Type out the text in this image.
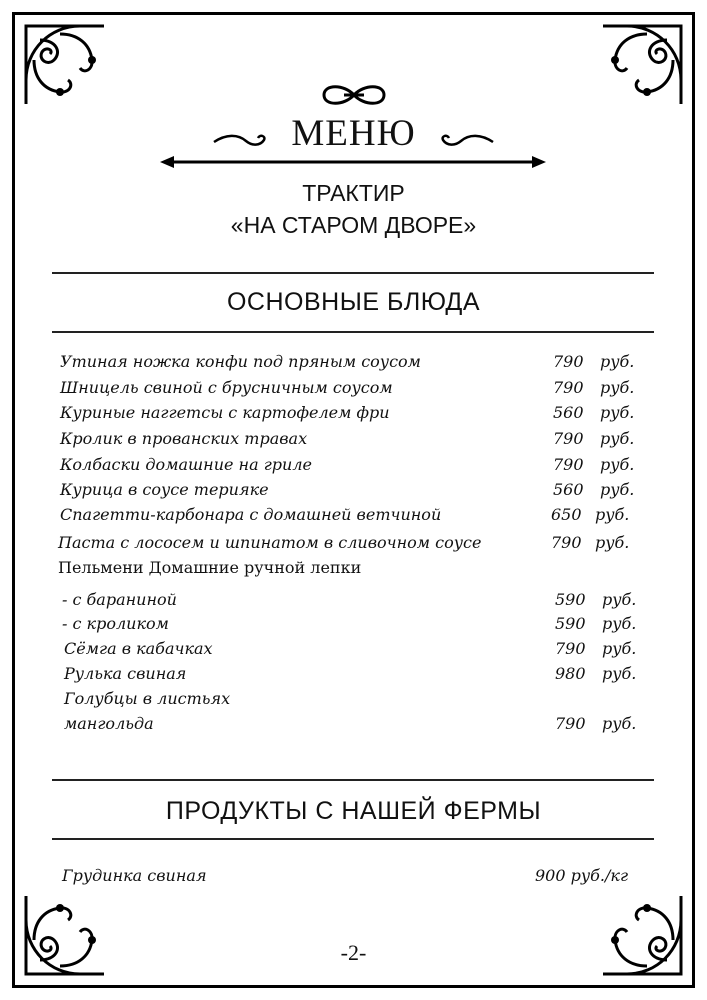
МЕНЮ
ТРАКТИР
«НА СТАРОМ ДВОРЕ»
ОСНОВНЫЕ БЛЮДА
Утиная ножка конфи под пряным соусом	790 руб.
Шницель свиной с брусничным соусом	790 руб.
Куриные наггетсы с картофелем фри	560 руб.
Кролик в прованских травах	790 руб.
Колбаски домашние на гриле	790 руб.
Курица в соусе терияке	560 руб.
Спагетти-карбонара с домашней ветчиной	650 руб.
Паста с лососем и шпинатом в сливочном соусе	790 руб.
Пельмени Домашние ручной лепки
- с бараниной	590 руб.
- с кроликом	590 руб.
Сёмга в кабачках	790 руб.
Рулька свиная	980 руб.
Голубцы в листьях
мангольда	790 руб.
ПРОДУКТЫ С НАШЕЙ ФЕРМЫ
Грудинка свиная	900 руб./кг
-2-
